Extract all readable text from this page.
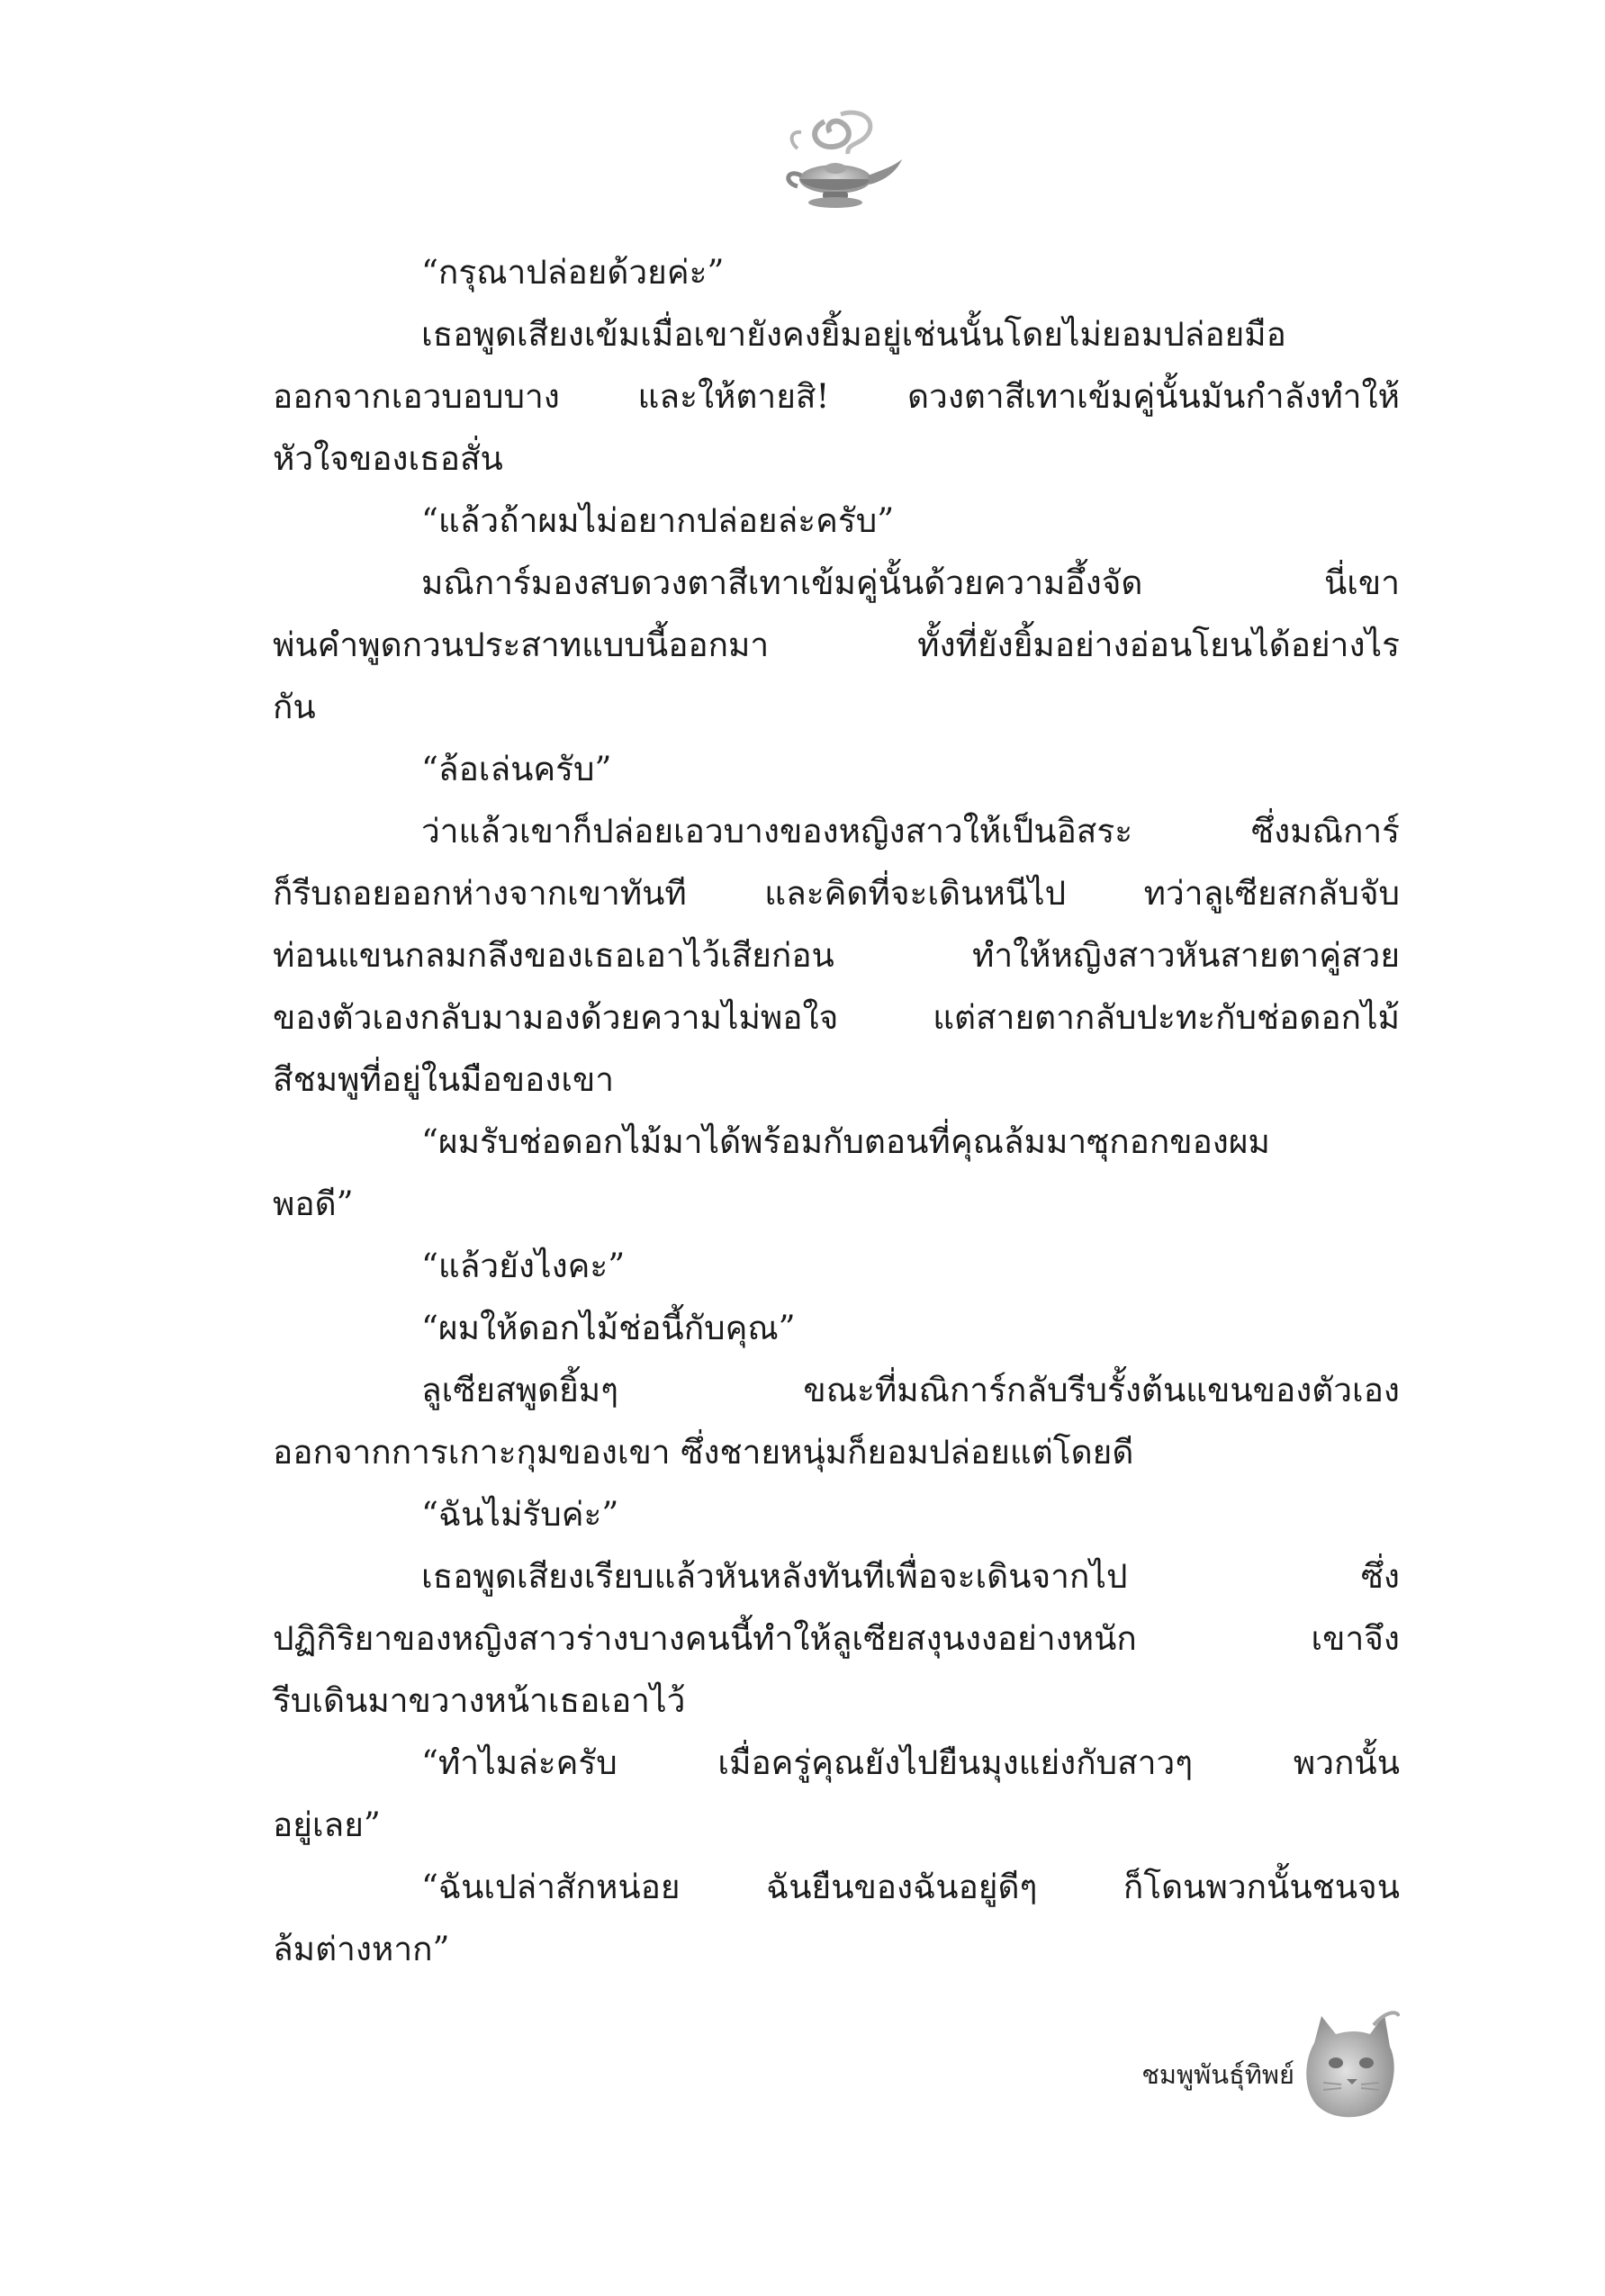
“กรุณาปล่อยด้วยค่ะ”
เธอพูดเสียงเข้มเมื่อเขายังคงยิ้มอยู่เช่นนั้นโดยไม่ยอมปล่อยมือ
ออกจากเอวบอบบาง และให้ตายสิ! ดวงตาสีเทาเข้มคู่นั้นมันกำลังทำให้
หัวใจของเธอสั่น
“แล้วถ้าผมไม่อยากปล่อยล่ะครับ”
มณิการ์มองสบดวงตาสีเทาเข้มคู่นั้นด้วยความอึ้งจัด นี่เขา
พ่นคำพูดกวนประสาทแบบนี้ออกมา ทั้งที่ยังยิ้มอย่างอ่อนโยนได้อย่างไร
กัน
“ล้อเล่นครับ”
ว่าแล้วเขาก็ปล่อยเอวบางของหญิงสาวให้เป็นอิสระ ซึ่งมณิการ์
ก็รีบถอยออกห่างจากเขาทันที และคิดที่จะเดินหนีไป ทว่าลูเซียสกลับจับ
ท่อนแขนกลมกลึงของเธอเอาไว้เสียก่อน ทำให้หญิงสาวหันสายตาคู่สวย
ของตัวเองกลับมามองด้วยความไม่พอใจ แต่สายตากลับปะทะกับช่อดอกไม้
สีชมพูที่อยู่ในมือของเขา
“ผมรับช่อดอกไม้มาได้พร้อมกับตอนที่คุณล้มมาซุกอกของผม
พอดี”
“แล้วยังไงคะ”
“ผมให้ดอกไม้ช่อนี้กับคุณ”
ลูเซียสพูดยิ้มๆ ขณะที่มณิการ์กลับรีบรั้งต้นแขนของตัวเอง
ออกจากการเกาะกุมของเขา ซึ่งชายหนุ่มก็ยอมปล่อยแต่โดยดี
“ฉันไม่รับค่ะ”
เธอพูดเสียงเรียบแล้วหันหลังทันทีเพื่อจะเดินจากไป ซึ่ง
ปฏิกิริยาของหญิงสาวร่างบางคนนี้ทำให้ลูเซียสงุนงงอย่างหนัก เขาจึง
รีบเดินมาขวางหน้าเธอเอาไว้
“ทำไมล่ะครับ เมื่อครู่คุณยังไปยืนมุงแย่งกับสาวๆ พวกนั้น
อยู่เลย”
“ฉันเปล่าสักหน่อย ฉันยืนของฉันอยู่ดีๆ ก็โดนพวกนั้นชนจน
ล้มต่างหาก”
ชมพูพันธุ์ทิพย์
